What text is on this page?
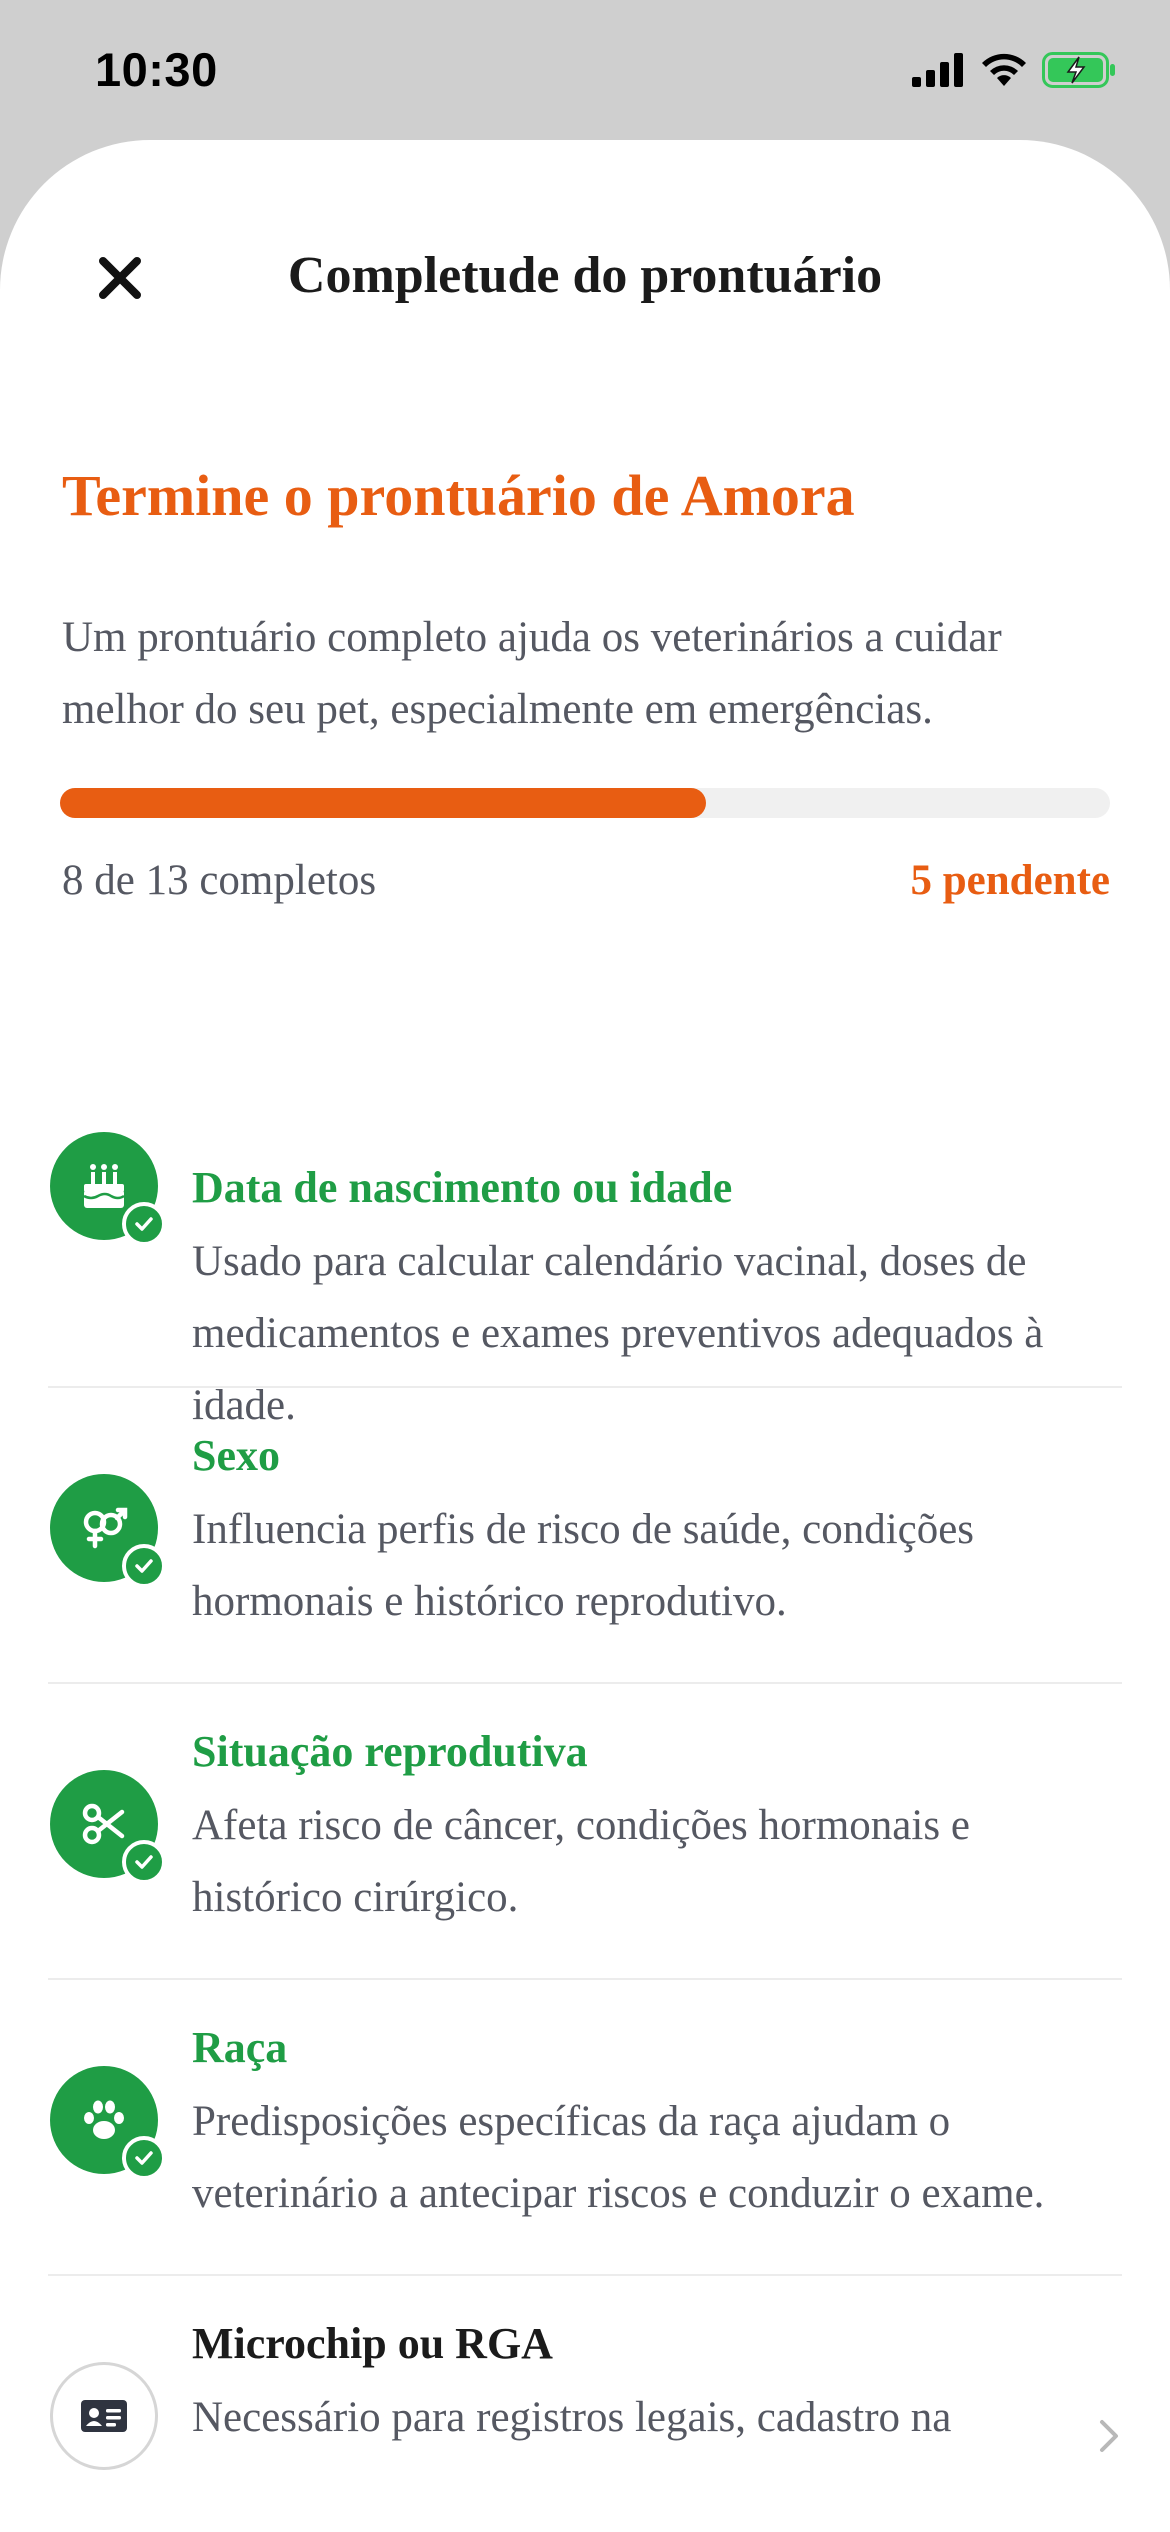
10:30
Completude do prontuário
Termine o prontuário de Amora
Um prontuário completo ajuda os veterinários a cuidar melhor do seu pet, especialmente em emergências.
8 de 13 completos	5 pendente
Data de nascimento ou idade
Usado para calcular calendário vacinal, doses de medicamentos e exames preventivos adequados à idade.
Sexo
Influencia perfis de risco de saúde, condições hormonais e histórico reprodutivo.
Situação reprodutiva
Afeta risco de câncer, condições hormonais e histórico cirúrgico.
Raça
Predisposições específicas da raça ajudam o veterinário a antecipar riscos e conduzir o exame.
Microchip ou RGA
Necessário para registros legais, cadastro na
